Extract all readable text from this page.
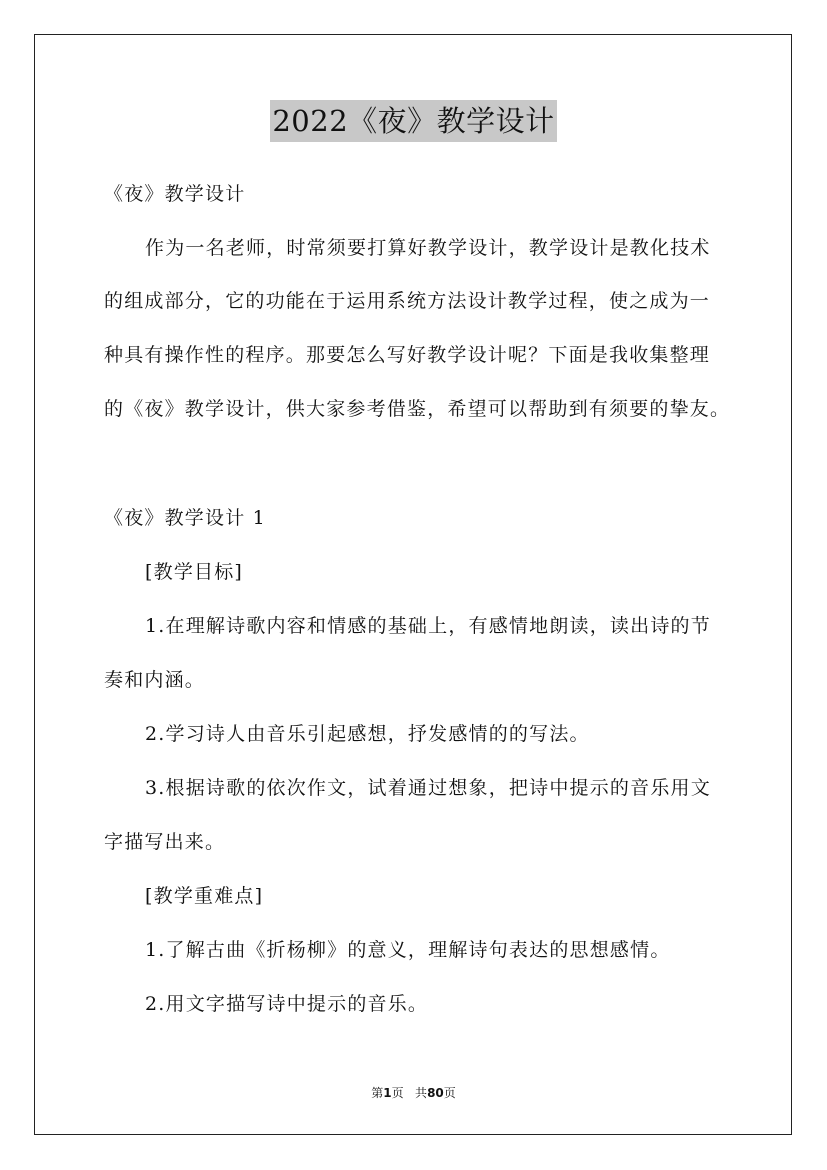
2022《夜》教学设计
《夜》教学设计
作为一名老师，时常须要打算好教学设计，教学设计是教化技术
的组成部分，它的功能在于运用系统方法设计教学过程，使之成为一
种具有操作性的程序。那要怎么写好教学设计呢？下面是我收集整理
的《夜》教学设计，供大家参考借鉴，希望可以帮助到有须要的挚友。
《夜》教学设计 1
[教学目标]
1.在理解诗歌内容和情感的基础上，有感情地朗读，读出诗的节
奏和内涵。
2.学习诗人由音乐引起感想，抒发感情的的写法。
3.根据诗歌的依次作文，试着通过想象，把诗中提示的音乐用文
字描写出来。
[教学重难点]
1.了解古曲《折杨柳》的意义，理解诗句表达的思想感情。
2.用文字描写诗中提示的音乐。
第1页 共80页
